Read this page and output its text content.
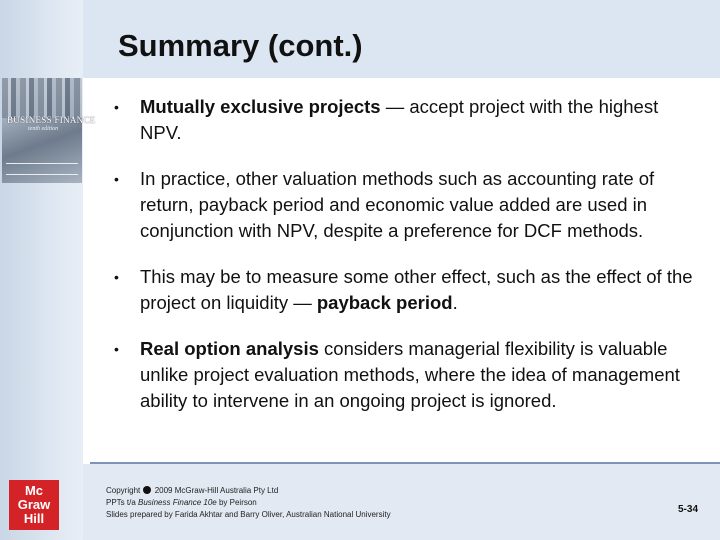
Summary (cont.)
BUSINESS FINANCE
tenth edition
• Mutually exclusive projects — accept project with the highest NPV.
• In practice, other valuation methods such as accounting rate of return, payback period and economic value added are used in conjunction with NPV, despite a preference for DCF methods.
• This may be to measure some other effect, such as the effect of the project on liquidity — payback period.
• Real option analysis considers managerial flexibility is valuable unlike project evaluation methods, where the idea of management ability to intervene in an ongoing project is ignored.
Mc
Graw
Hill
Copyright  2009 McGraw-Hill Australia Pty Ltd
PPTs t/a Business Finance 10e by Peirson
Slides prepared by Farida Akhtar and Barry Oliver, Australian National University	5-34
